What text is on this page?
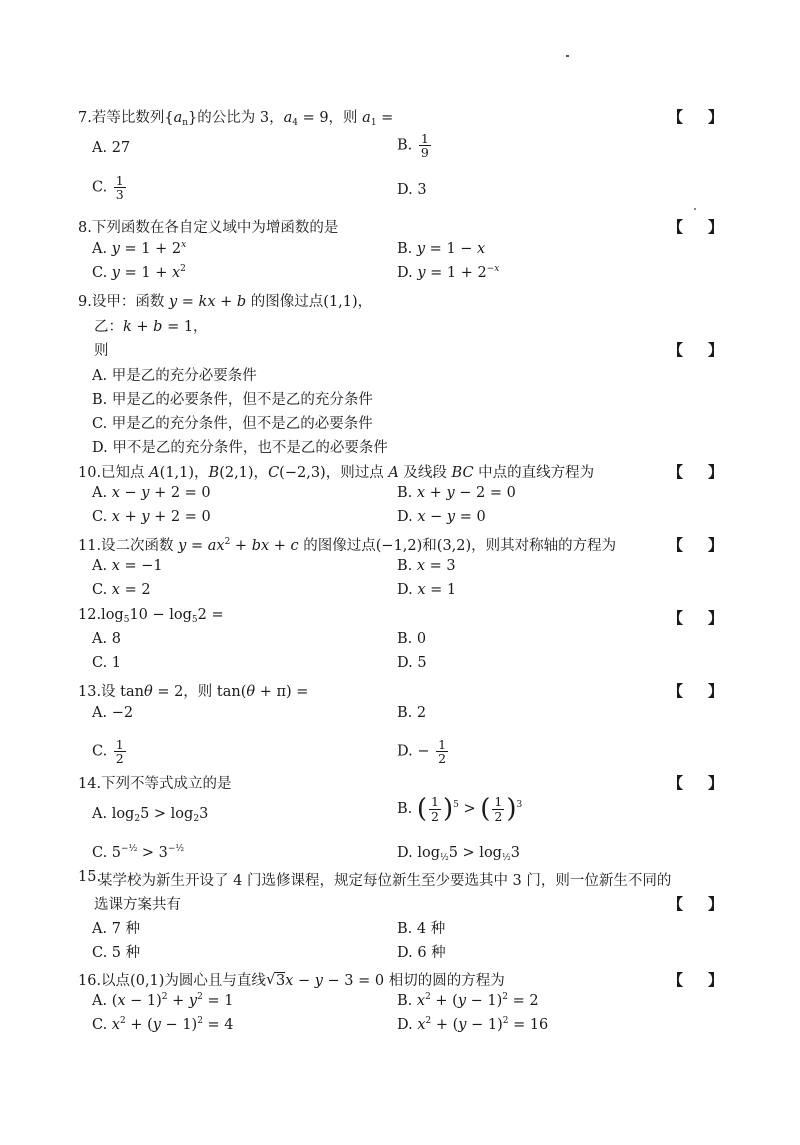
7.若等比数列$\{a_n\}$的公比为 3，$a_4 = 9$，则 $a_1$ =	【 】
A. 27	B. $\frac{1}{9}$
C. $\frac{1}{3}$	D. 3
8.下列函数在各自定义域中为增函数的是	【 】
A. $y = 1 + 2^x$	B. y = 1 − x
C. $y = 1 + x^2$	D. $y = 1 + 2^{-x}$
9.设甲：函数 y = kx + b 的图像过点(1,1)，
乙：k + b = 1，
则	【 】
A. 甲是乙的充分必要条件
B. 甲是乙的必要条件，但不是乙的充分条件
C. 甲是乙的充分条件，但不是乙的必要条件
D. 甲不是乙的充分条件，也不是乙的必要条件
10.已知点 A(1,1)，B(2,1)，C(−2,3)，则过点 A 及线段 BC 中点的直线方程为	【 】
A. x − y + 2 = 0	B. x + y − 2 = 0
C. x + y + 2 = 0	D. x − y = 0
11.设二次函数 $y = ax^2$ + bx + c 的图像过点(−1,2)和(3,2)，则其对称轴的方程为	【 】
A. x = −1	B. x = 3
C. x = 2	D. x = 1
$12.\log_510 - \log_52$ =	【 】
A. 8	B. 0
C. 1	D. 5
13.设 tanθ = 2，则 tan(θ + π) =	【 】
A. −2	B. 2
C. $\frac{1}{2}$	D. − $\frac{1}{2}$
14.下列不等式成立的是	【 】
A. $\log_25 > \log_23$	B. ( $\frac{1}{2} )^5$ > ( $\frac{1}{2} )^3$
C. $5^{-\frac{1}{2}} > 3^{-\frac{1}{2}}$	D. $\log_{\frac{1}{2}}5 > \log_{\frac{1}{2}}3$
15.
某学校为新生开设了 4 门选修课程，规定每位新生至少要选其中 3 门，则一位新生不同的
选课方案共有	【 】
A. 7 种	B. 4 种
C. 5 种	D. 6 种
16.以点(0,1)为圆心且与直线 √ 3x − y − 3 = 0 相切的圆的方程为	【 】
A. $(x - 1)^2 + y^2 = 1$	B. $x^2 + (y - 1)^2 = 2$
C. $x^2 + (y - 1)^2 = 4$	D. $x^2 + (y - 1)^2 = 16$
